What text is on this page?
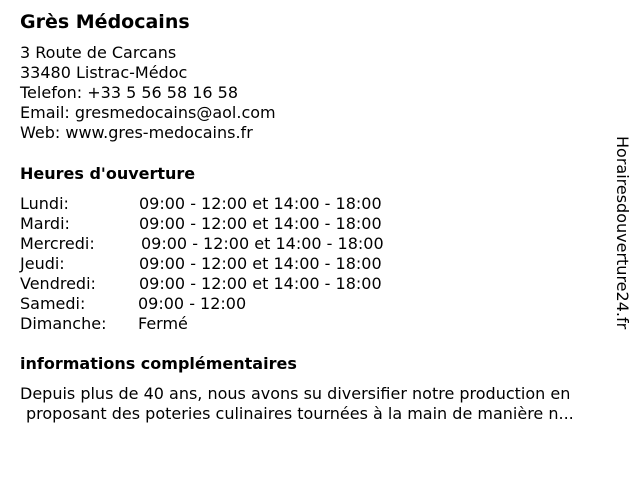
Grès Médocains
3 Route de Carcans
33480 Listrac-Médoc
Telefon: +33 5 56 58 16 58
Email: gresmedocains@aol.com
Web: www.gres-medocains.fr
Heures d'ouverture
Lundi:	09:00 - 12:00 et 14:00 - 18:00
Mardi:	09:00 - 12:00 et 14:00 - 18:00
Mercredi:	09:00 - 12:00 et 14:00 - 18:00
Jeudi:	09:00 - 12:00 et 14:00 - 18:00
Vendredi:	09:00 - 12:00 et 14:00 - 18:00
Samedi:	09:00 - 12:00
Dimanche: Fermé
informations complémentaires
Depuis plus de 40 ans, nous avons su diversifier notre production en
proposant des poteries culinaires tournées à la main de manière n...
Horairesdouverture24.fr
